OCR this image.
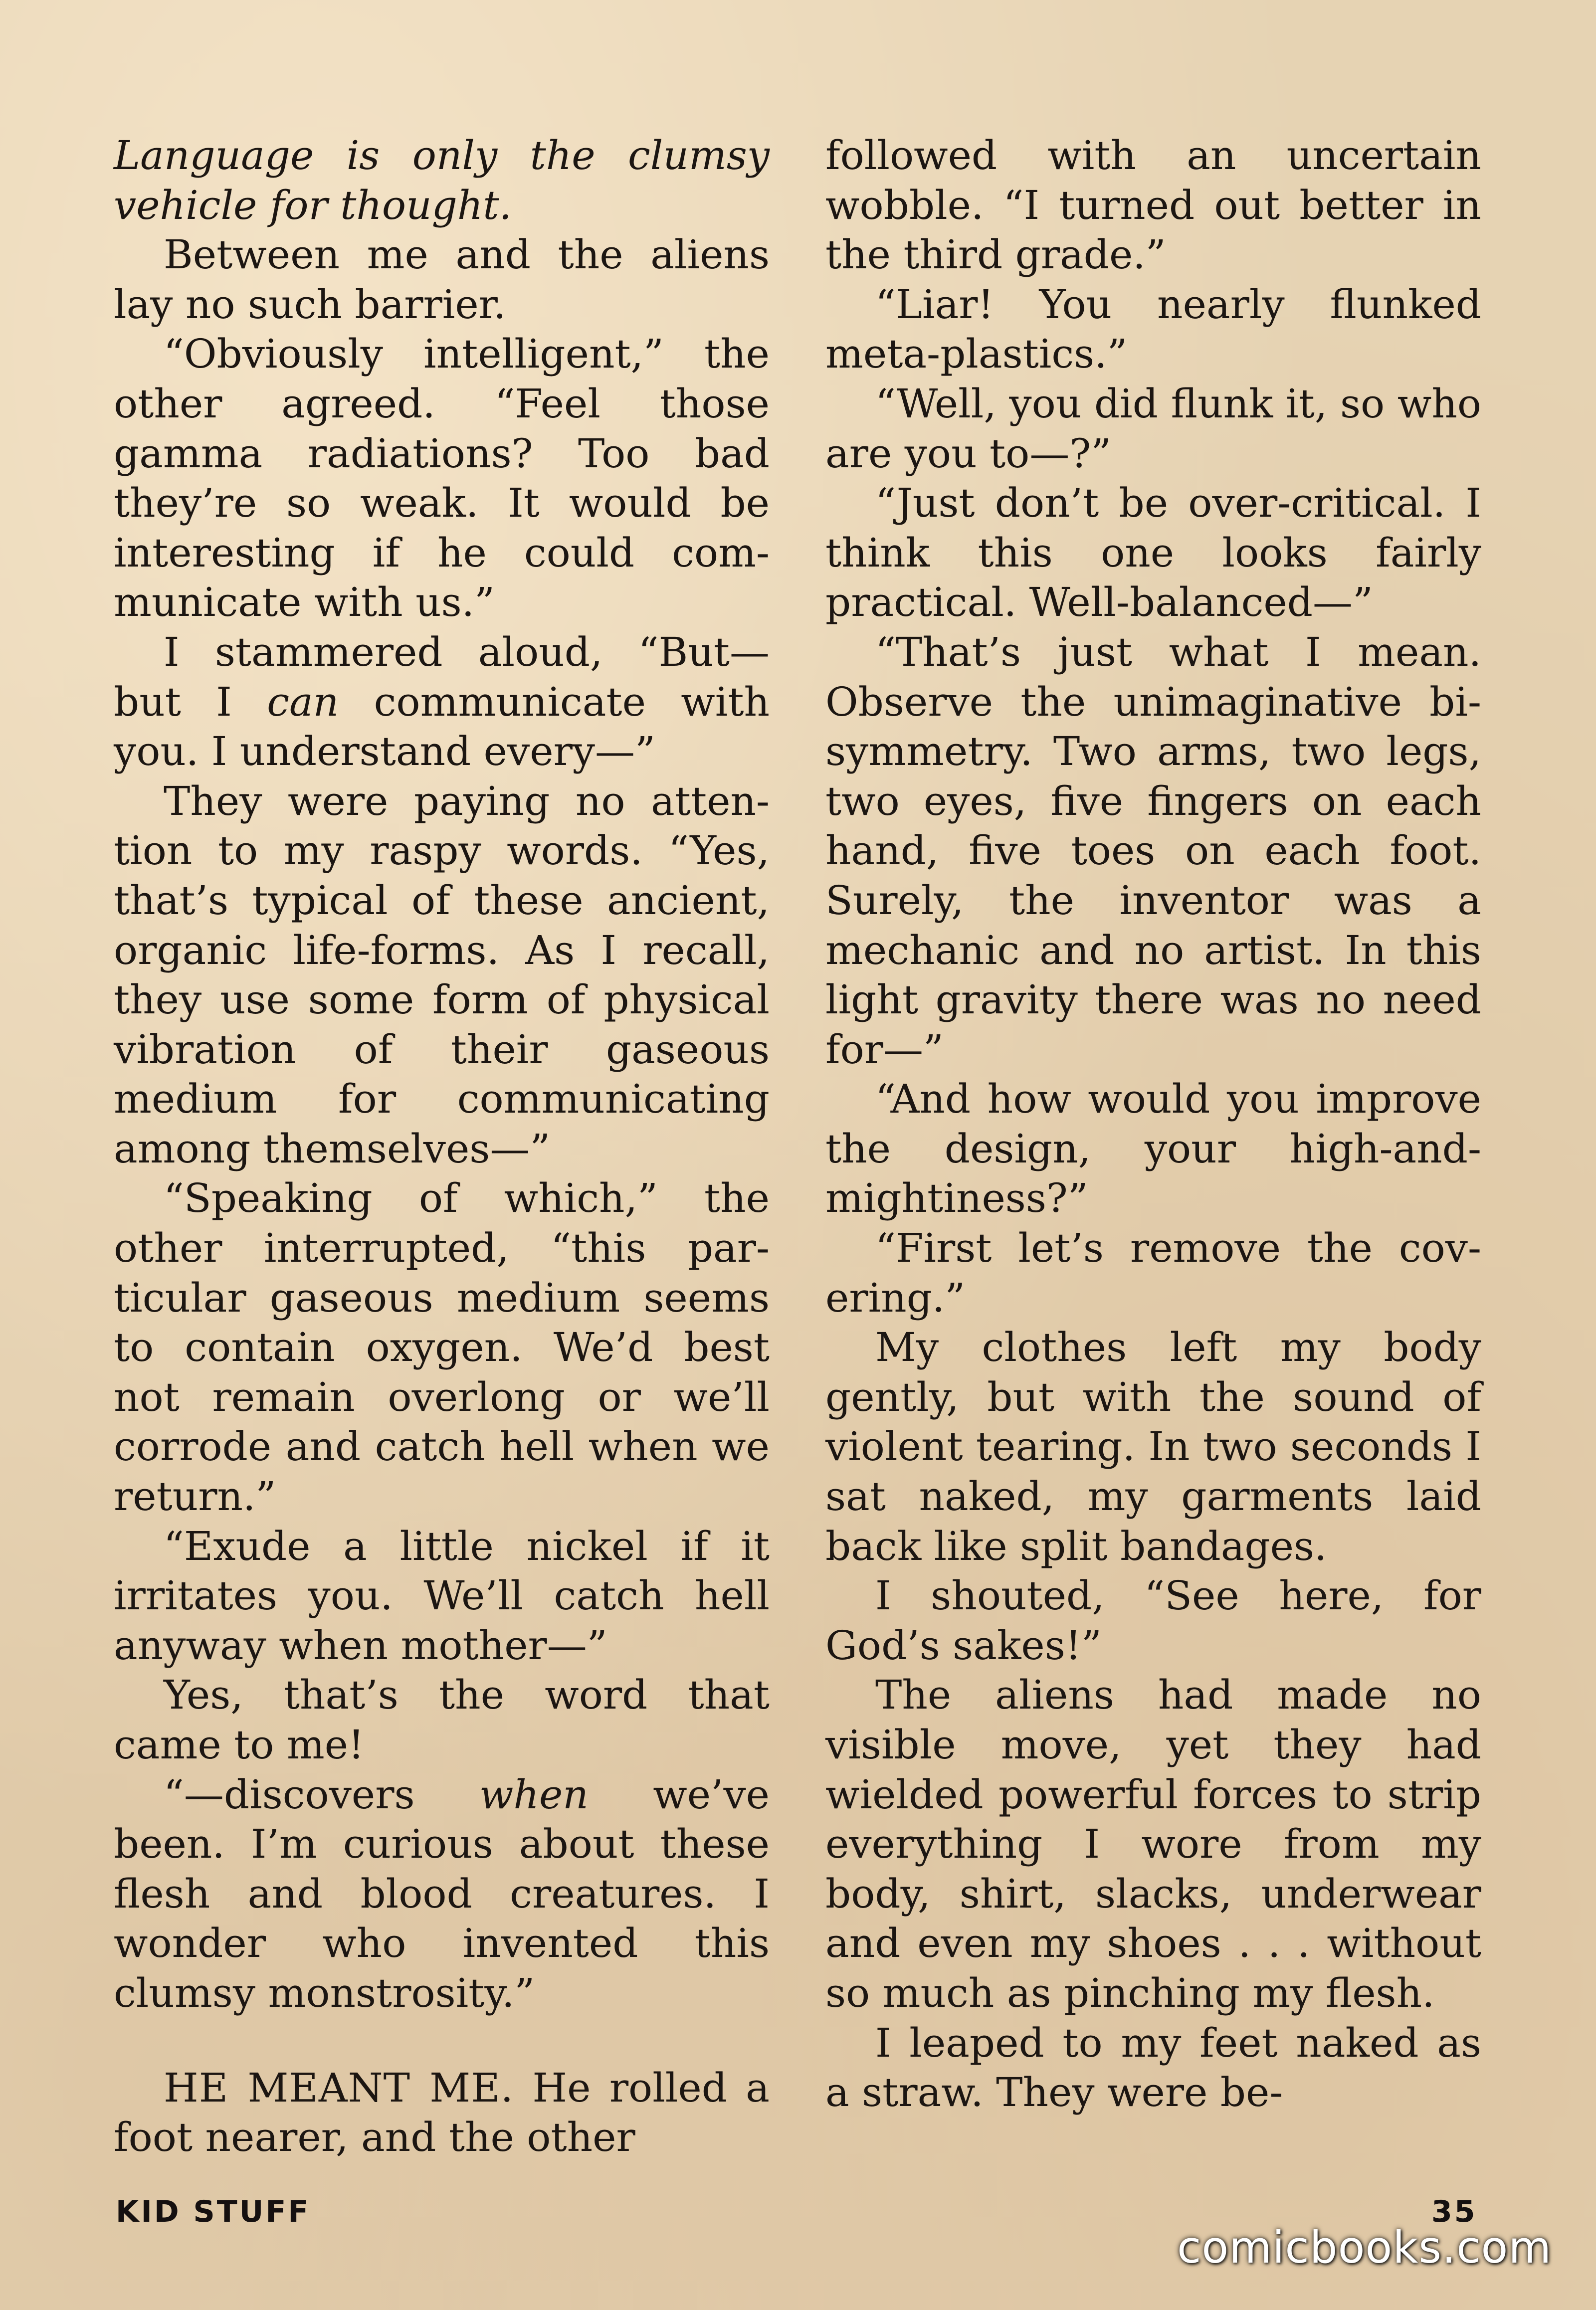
Language is only the clumsy vehicle for thought.

Between me and the aliens lay no such barrier.

“Obviously intelligent,” the other agreed. “Feel those gamma radiations? Too bad they’re so weak. It would be interesting if he could communicate with us.”

I stammered aloud, “But— but I can communicate with you. I understand every—”

They were paying no attention to my raspy words. “Yes, that’s typical of these ancient, organic life-forms. As I recall, they use some form of physical vibration of their gaseous medium for communicating among themselves—”

“Speaking of which,” the other interrupted, “this particular gaseous medium seems to contain oxygen. We’d best not remain overlong or we’ll corrode and catch hell when we return.”

“Exude a little nickel if it irritates you. We’ll catch hell anyway when mother—”

Yes, that’s the word that came to me!

“—discovers when we’ve been. I’m curious about these flesh and blood creatures. I wonder who invented this clumsy monstrosity.”

HE MEANT ME. He rolled a foot nearer, and the other

followed with an uncertain wobble. “I turned out better in the third grade.”

“Liar! You nearly flunked meta-plastics.”

“Well, you did flunk it, so who are you to—?”

“Just don’t be over-critical. I think this one looks fairly practical. Well-balanced—”

“That’s just what I mean. Observe the unimaginative bisymmetry. Two arms, two legs, two eyes, five fingers on each hand, five toes on each foot. Surely, the inventor was a mechanic and no artist. In this light gravity there was no need for—”

“And how would you improve the design, your high-and-mightiness?”

“First let’s remove the covering.”

My clothes left my body gently, but with the sound of violent tearing. In two seconds I sat naked, my garments laid back like split bandages.

I shouted, “See here, for God’s sakes!”

The aliens had made no visible move, yet they had wielded powerful forces to strip everything I wore from my body, shirt, slacks, underwear and even my shoes . . . without so much as pinching my flesh.

I leaped to my feet naked as a straw. They were be-

KID STUFF	35
comicbooks.com
